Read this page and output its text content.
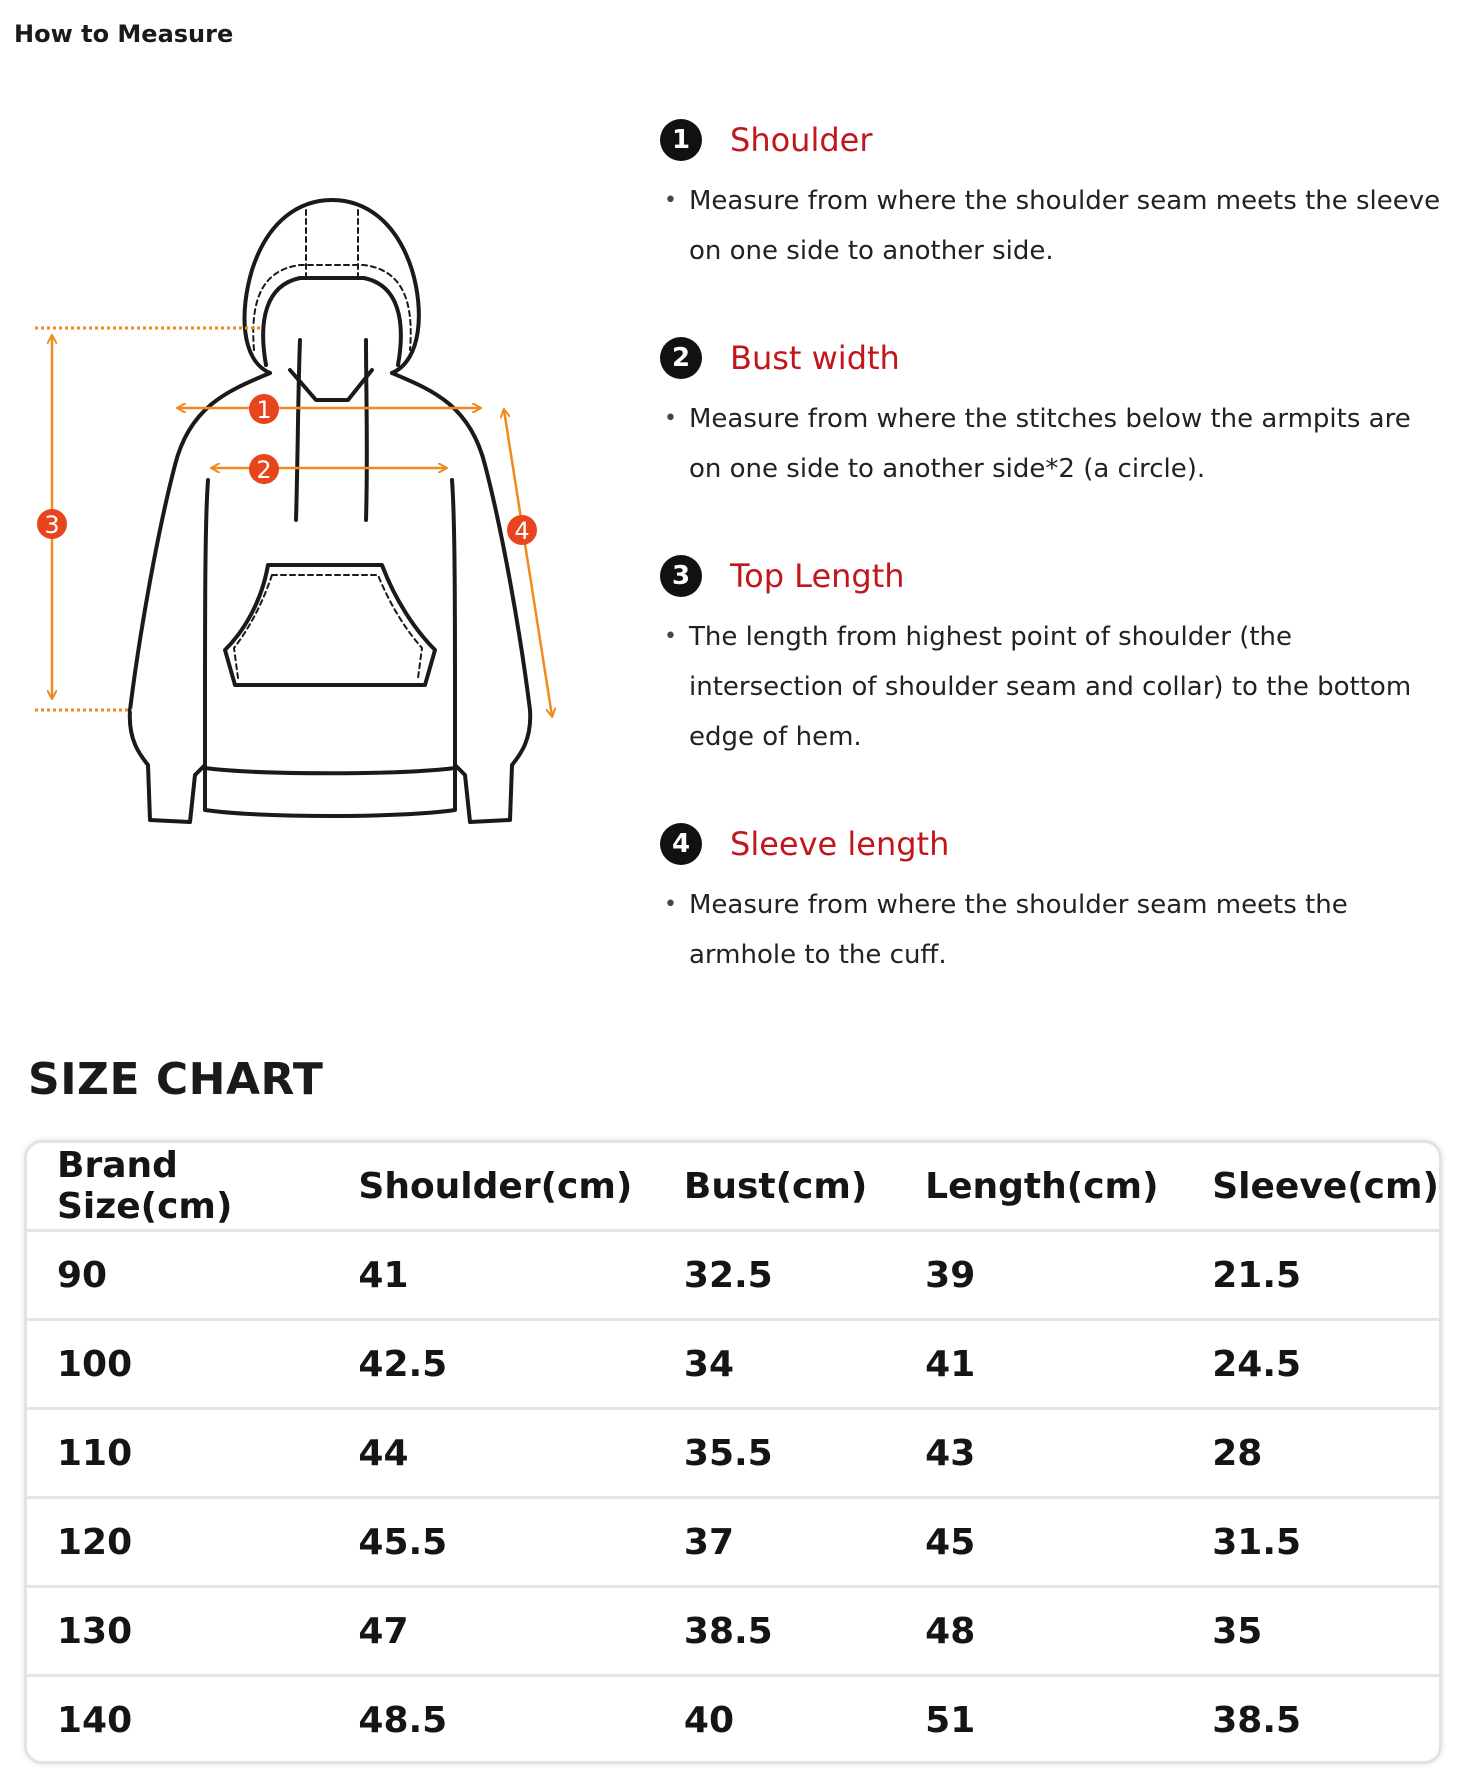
How to Measure
1
2
3	4
1	Shoulder
• Measure from where the shoulder seam meets the sleeve on one side to another side.
2	Bust width
• Measure from where the stitches below the armpits are on one side to another side*2 (a circle).
3	Top Length
• The length from highest point of shoulder (the intersection of shoulder seam and collar) to the bottom edge of hem.
4	Sleeve length
• Measure from where the shoulder seam meets the armhole to the cuff.
SIZE CHART
Brand Size(cm)	Shoulder(cm)	Bust(cm)	Length(cm)	Sleeve(cm)
90	41	32.5	39	21.5
100	42.5	34	41	24.5
110	44	35.5	43	28
120	45.5	37	45	31.5
130	47	38.5	48	35
140	48.5	40	51	38.5
